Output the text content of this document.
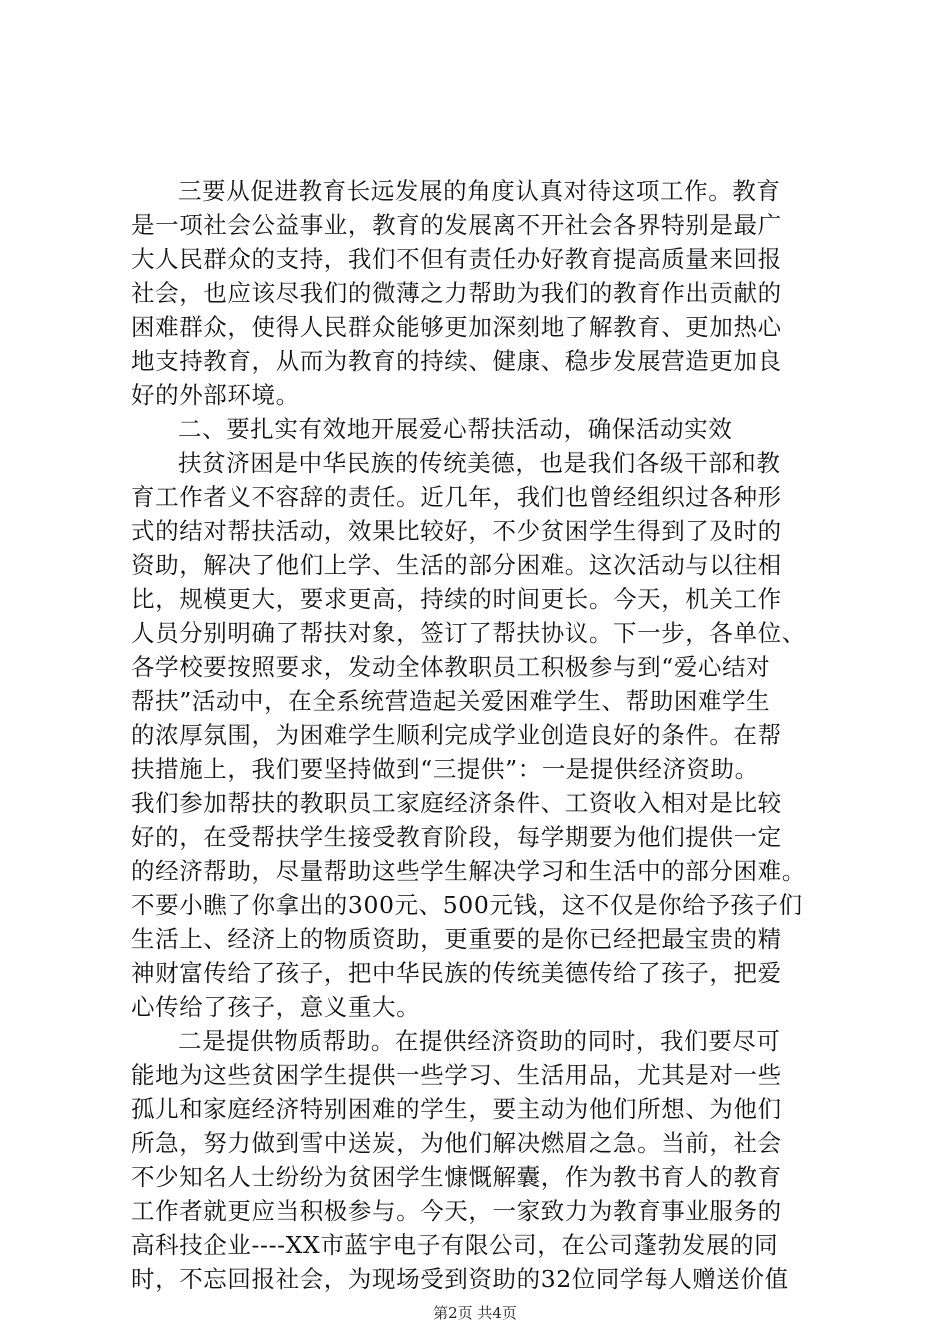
三要从促进教育长远发展的角度认真对待这项工作。教育
是一项社会公益事业，教育的发展离不开社会各界特别是最广
大人民群众的支持，我们不但有责任办好教育提高质量来回报
社会，也应该尽我们的微薄之力帮助为我们的教育作出贡献的
困难群众，使得人民群众能够更加深刻地了解教育、更加热心
地支持教育，从而为教育的持续、健康、稳步发展营造更加良
好的外部环境。
二、要扎实有效地开展爱心帮扶活动，确保活动实效
扶贫济困是中华民族的传统美德，也是我们各级干部和教
育工作者义不容辞的责任。近几年，我们也曾经组织过各种形
式的结对帮扶活动，效果比较好，不少贫困学生得到了及时的
资助，解决了他们上学、生活的部分困难。这次活动与以往相
比，规模更大，要求更高，持续的时间更长。今天，机关工作
人员分别明确了帮扶对象，签订了帮扶协议。下一步，各单位、
各学校要按照要求，发动全体教职员工积极参与到“爱心结对
帮扶”活动中，在全系统营造起关爱困难学生、帮助困难学生
的浓厚氛围，为困难学生顺利完成学业创造良好的条件。在帮
扶措施上，我们要坚持做到“三提供”：一是提供经济资助。
我们参加帮扶的教职员工家庭经济条件、工资收入相对是比较
好的，在受帮扶学生接受教育阶段，每学期要为他们提供一定
的经济帮助，尽量帮助这些学生解决学习和生活中的部分困难。
不要小瞧了你拿出的300元、500元钱，这不仅是你给予孩子们
生活上、经济上的物质资助，更重要的是你已经把最宝贵的精
神财富传给了孩子，把中华民族的传统美德传给了孩子，把爱
心传给了孩子，意义重大。
二是提供物质帮助。在提供经济资助的同时，我们要尽可
能地为这些贫困学生提供一些学习、生活用品，尤其是对一些
孤儿和家庭经济特别困难的学生，要主动为他们所想、为他们
所急，努力做到雪中送炭，为他们解决燃眉之急。当前，社会
不少知名人士纷纷为贫困学生慷慨解囊，作为教书育人的教育
工作者就更应当积极参与。今天，一家致力为教育事业服务的
高科技企业----XX市蓝宇电子有限公司，在公司蓬勃发展的同
时，不忘回报社会，为现场受到资助的32位同学每人赠送价值
第2页 共4页
